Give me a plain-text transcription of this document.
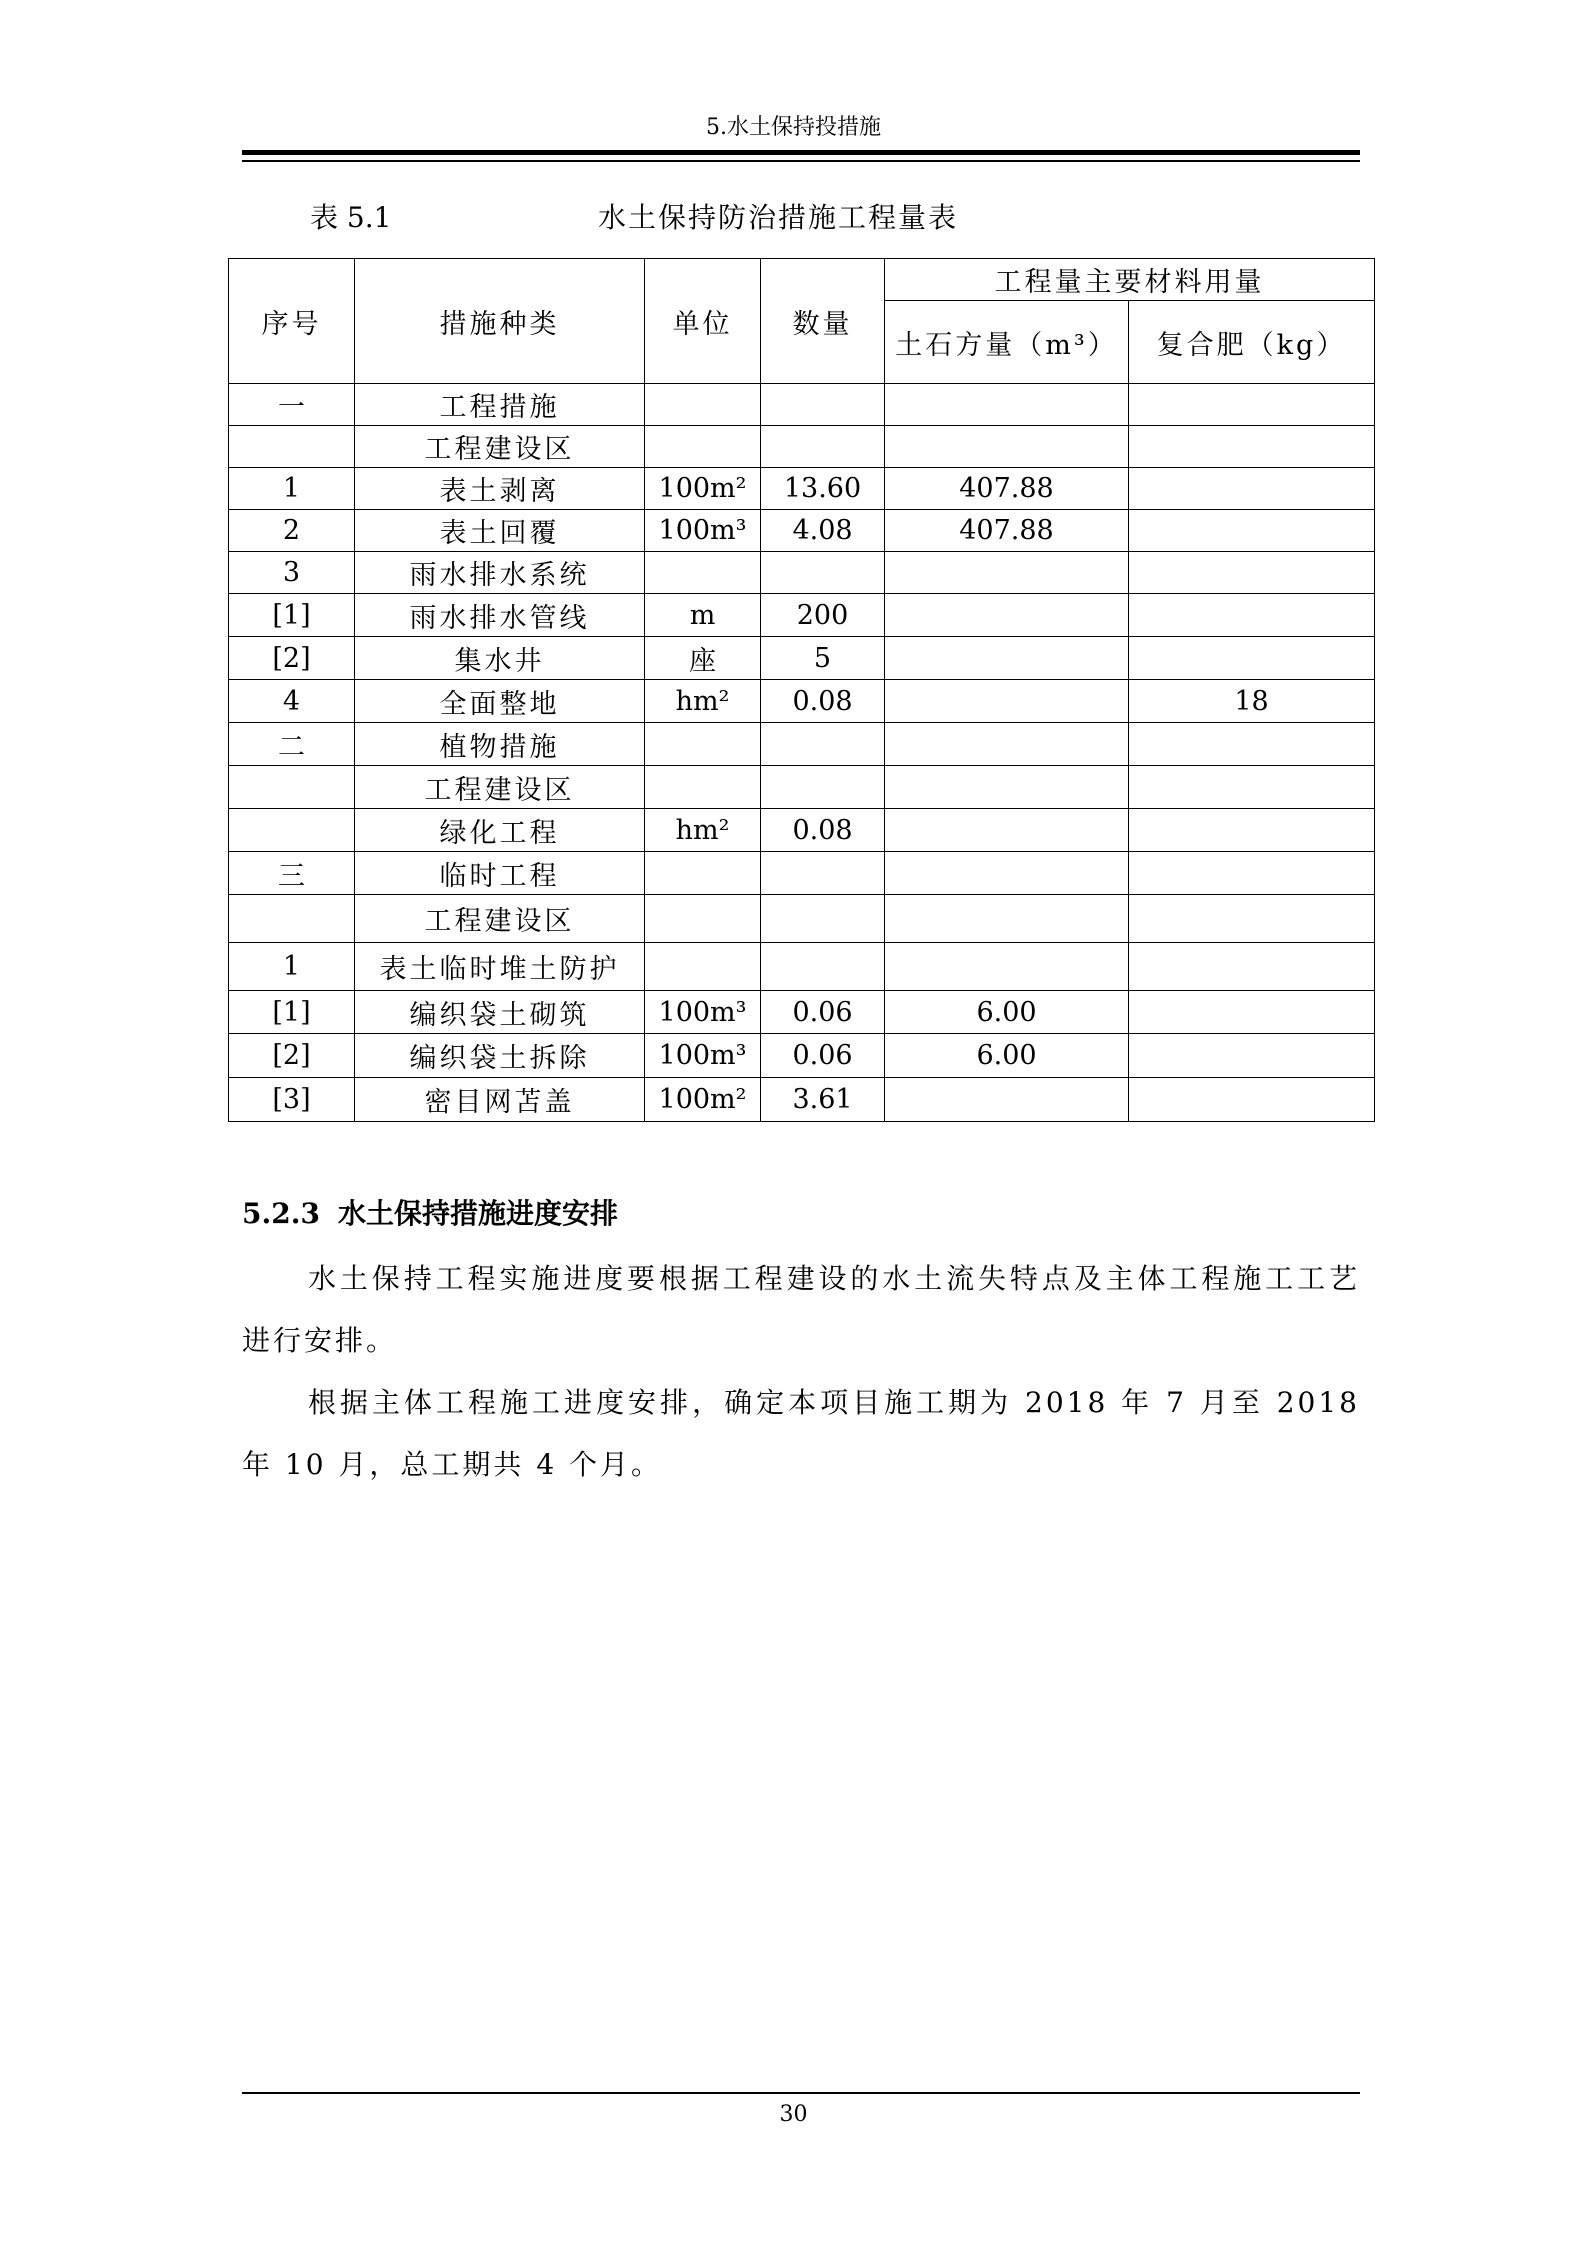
5.水土保持投措施
表 5.1	水土保持防治措施工程量表
序号	措施种类	单位	数量	工程量主要材料用量	
				土石方量（m³）	复合肥（kg）
一	工程措施				
	工程建设区				
1	表土剥离	100m²	13.60	407.88	
2	表土回覆	100m³	4.08	407.88	
3	雨水排水系统				
[1]	雨水排水管线	m	200		
[2]	集水井	座	5		
4	全面整地	hm²	0.08		18
二	植物措施				
	工程建设区				
	绿化工程	hm²	0.08		
三	临时工程				
	工程建设区				
1	表土临时堆土防护				
[1]	编织袋土砌筑	100m³	0.06	6.00	
[2]	编织袋土拆除	100m³	0.06	6.00	
[3]	密目网苫盖	100m²	3.61		
5.2.3 水土保持措施进度安排
水土保持工程实施进度要根据工程建设的水土流失特点及主体工程施工工艺进行安排。
根据主体工程施工进度安排，确定本项目施工期为 2018 年 7 月至 2018 年 10 月，总工期共 4 个月。
30
